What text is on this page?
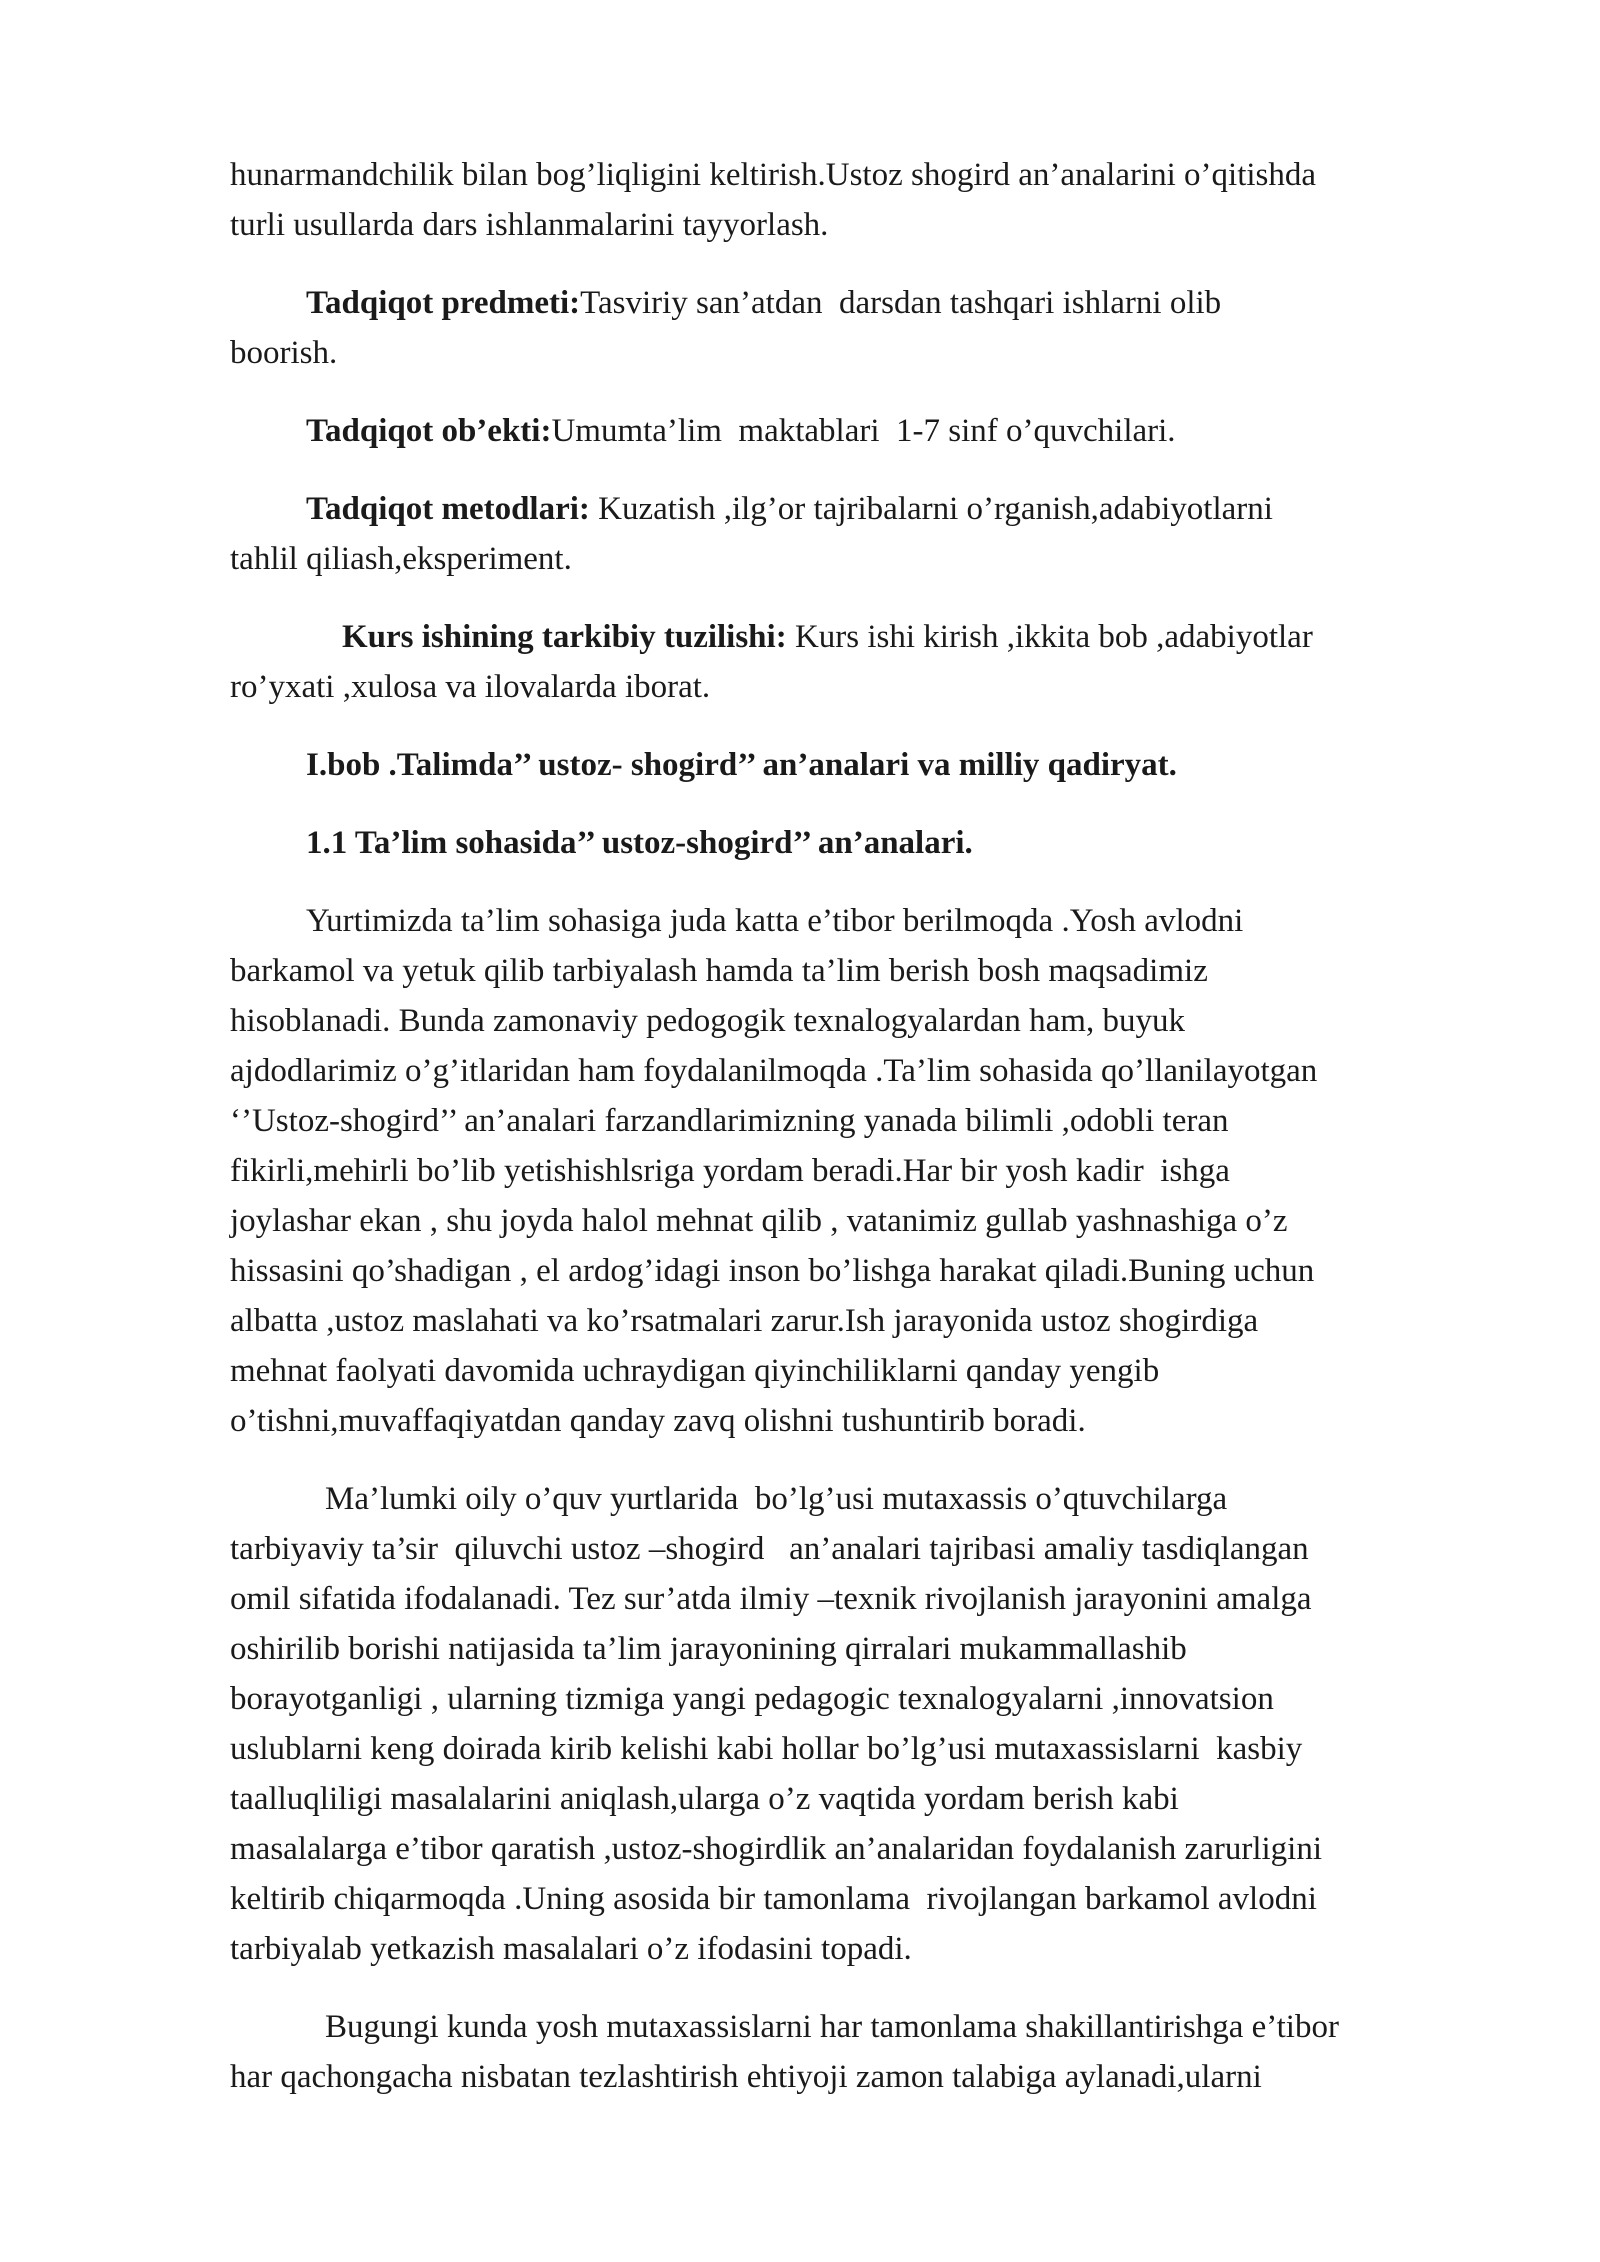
hunarmandchilik bilan bog’liqligini keltirish.Ustoz shogird an’analarini o’qitishda
turli usullarda dars ishlanmalarini tayyorlash.
Tadqiqot predmeti:Tasviriy san’atdan  darsdan tashqari ishlarni olib
boorish.
Tadqiqot ob’ekti:Umumta’lim  maktablari  1-7 sinf o’quvchilari.
Tadqiqot metodlari: Kuzatish ,ilg’or tajribalarni o’rganish,adabiyotlarni
tahlil qiliash,eksperiment.
Kurs ishining tarkibiy tuzilishi: Kurs ishi kirish ,ikkita bob ,adabiyotlar
ro’yxati ,xulosa va ilovalarda iborat.
I.bob .Talimda’’ ustoz- shogird’’ an’analari va milliy qadiryat.
1.1 Ta’lim sohasida’’ ustoz-shogird’’ an’analari.
Yurtimizda ta’lim sohasiga juda katta e’tibor berilmoqda .Yosh avlodni
barkamol va yetuk qilib tarbiyalash hamda ta’lim berish bosh maqsadimiz
hisoblanadi. Bunda zamonaviy pedogogik texnalogyalardan ham, buyuk
ajdodlarimiz o’g’itlaridan ham foydalanilmoqda .Ta’lim sohasida qo’llanilayotgan
‘’Ustoz-shogird’’ an’analari farzandlarimizning yanada bilimli ,odobli teran
fikirli,mehirli bo’lib yetishishlsriga yordam beradi.Har bir yosh kadir  ishga
joylashar ekan , shu joyda halol mehnat qilib , vatanimiz gullab yashnashiga o’z
hissasini qo’shadigan , el ardog’idagi inson bo’lishga harakat qiladi.Buning uchun
albatta ,ustoz maslahati va ko’rsatmalari zarur.Ish jarayonida ustoz shogirdiga
mehnat faolyati davomida uchraydigan qiyinchiliklarni qanday yengib
o’tishni,muvaffaqiyatdan qanday zavq olishni tushuntirib boradi.
Ma’lumki oily o’quv yurtlarida  bo’lg’usi mutaxassis o’qtuvchilarga
tarbiyaviy ta’sir  qiluvchi ustoz –shogird   an’analari tajribasi amaliy tasdiqlangan
omil sifatida ifodalanadi. Tez sur’atda ilmiy –texnik rivojlanish jarayonini amalga
oshirilib borishi natijasida ta’lim jarayonining qirralari mukammallashib
borayotganligi , ularning tizmiga yangi pedagogic texnalogyalarni ,innovatsion
uslublarni keng doirada kirib kelishi kabi hollar bo’lg’usi mutaxassislarni  kasbiy
taalluqliligi masalalarini aniqlash,ularga o’z vaqtida yordam berish kabi
masalalarga e’tibor qaratish ,ustoz-shogirdlik an’analaridan foydalanish zarurligini
keltirib chiqarmoqda .Uning asosida bir tamonlama  rivojlangan barkamol avlodni
tarbiyalab yetkazish masalalari o’z ifodasini topadi.
Bugungi kunda yosh mutaxassislarni har tamonlama shakillantirishga e’tibor
har qachongacha nisbatan tezlashtirish ehtiyoji zamon talabiga aylanadi,ularni
